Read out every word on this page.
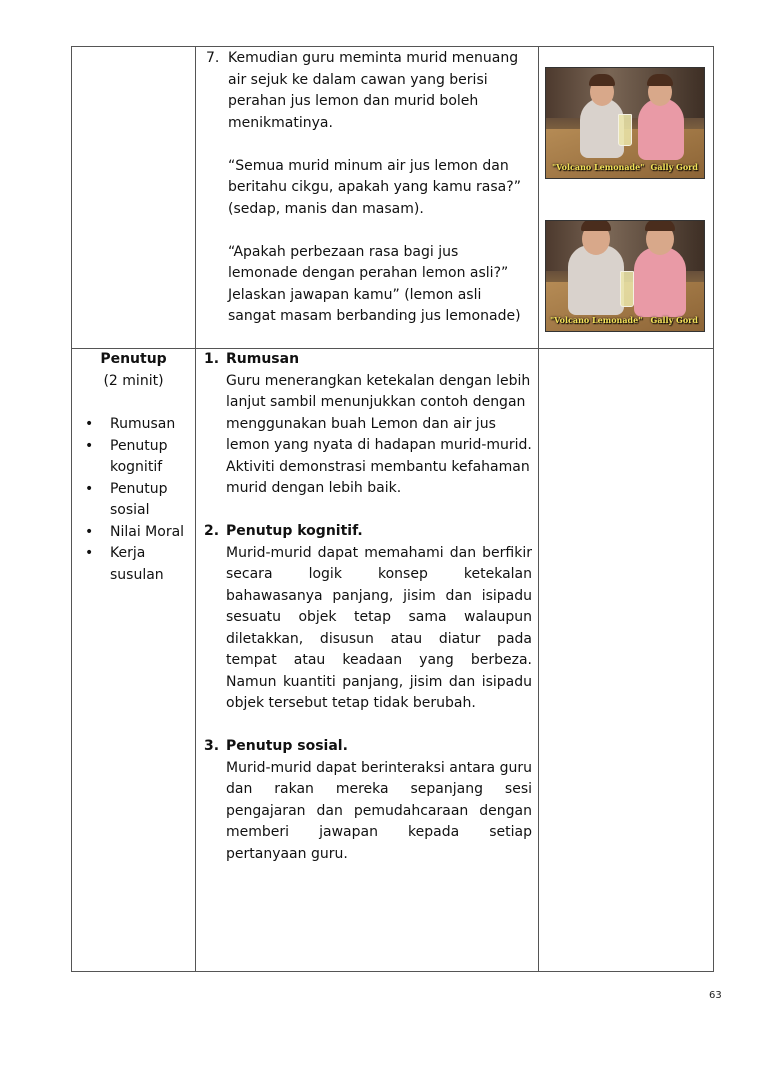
7. Kemudian guru meminta murid menuang air sejuk ke dalam cawan yang berisi perahan jus lemon dan murid boleh menikmatinya.

“Semua murid minum air jus lemon dan beritahu cikgu, apakah yang kamu rasa?” (sedap, manis dan masam).

“Apakah perbezaan rasa bagi jus lemonade dengan perahan lemon asli?” Jelaskan jawapan kamu” (lemon asli sangat masam berbanding jus lemonade)

"Volcano Lemonade" Gally Gord
"Volcano Lemonade" Gally Gord

Penutup

(2 minit)

• Rumusan
• Penutup kognitif
• Penutup sosial
• Nilai Moral
• Kerja susulan

1. Rumusan

Guru menerangkan ketekalan dengan lebih lanjut sambil menunjukkan contoh dengan menggunakan buah Lemon dan air jus lemon yang nyata di hadapan murid-murid. Aktiviti demonstrasi membantu kefahaman murid dengan lebih baik.

2. Penutup kognitif.

Murid-murid dapat memahami dan berfikir secara logik konsep ketekalan bahawasanya panjang, jisim dan isipadu sesuatu objek tetap sama walaupun diletakkan, disusun atau diatur pada tempat atau keadaan yang berbeza. Namun kuantiti panjang, jisim dan isipadu objek tersebut tetap tidak berubah.

3. Penutup sosial.

Murid-murid dapat berinteraksi antara guru dan rakan mereka sepanjang sesi pengajaran dan pemudahcaraan dengan memberi jawapan kepada setiap pertanyaan guru.

63
